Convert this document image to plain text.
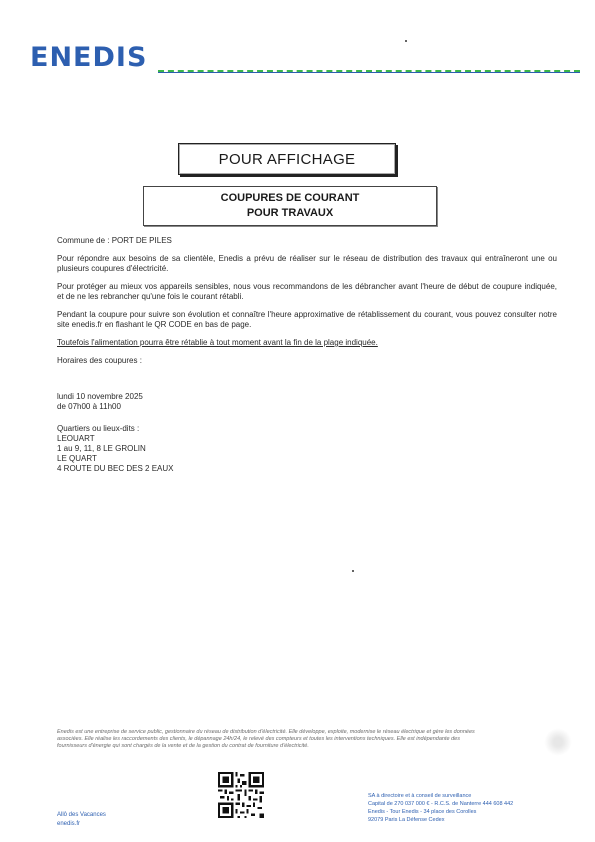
ENEDIS
POUR AFFICHAGE
COUPURES DE COURANT
POUR TRAVAUX

Commune de : PORT DE PILES

Pour répondre aux besoins de sa clientèle, Enedis a prévu de réaliser sur le réseau de distribution des travaux qui entraîneront une ou plusieurs coupures d'électricité.

Pour protéger au mieux vos appareils sensibles, nous vous recommandons de les débrancher avant l'heure de début de coupure indiquée, et de ne les rebrancher qu'une fois le courant rétabli.

Pendant la coupure pour suivre son évolution et connaître l'heure approximative de rétablissement du courant, vous pouvez consulter notre site enedis.fr en flashant le QR CODE en bas de page.

Toutefois l'alimentation pourra être rétablie à tout moment avant la fin de la plage indiquée.

Horaires des coupures :

lundi 10 novembre 2025
de 07h00 à 11h00
Quartiers ou lieux-dits :
LEOUART
1 au 9, 11, 8 LE GROLIN
LE QUART
4 ROUTE DU BEC DES 2 EAUX
Enedis est une entreprise de service public, gestionnaire du réseau de distribution d'électricité. Elle développe, exploite, modernise le réseau électrique et gère les données
associées. Elle réalise les raccordements des clients, le dépannage 24h/24, le relevé des compteurs et toutes les interventions techniques. Elle est indépendante des
fournisseurs d'énergie qui sont chargés de la vente et de la gestion du contrat de fourniture d'électricité.
Allô des Vacances
enedis.fr
SA à directoire et à conseil de surveillance
Capital de 270 037 000 € - R.C.S. de Nanterre 444 608 442
Enedis - Tour Enedis - 34 place des Corolles
92079 Paris La Défense Cedex
